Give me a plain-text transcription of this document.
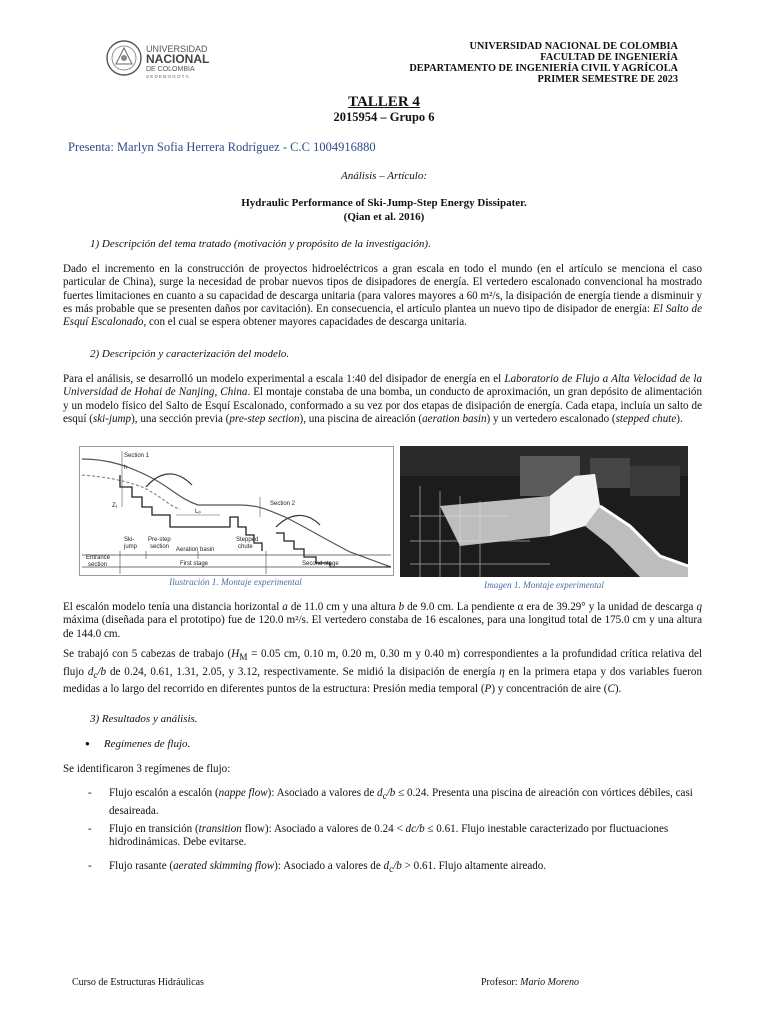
UNIVERSIDAD
NACIONAL
DE COLOMBIA
S E D E B O G O T Á
UNIVERSIDAD NACIONAL DE COLOMBIA
FACULTAD DE INGENIERÍA
DEPARTAMENTO DE INGENIERÍA CIVIL Y AGRÍCOLA
PRIMER SEMESTRE DE 2023
TALLER 4
2015954 – Grupo 6
Presenta: Marlyn Sofia Herrera Rodríguez - C.C 1004916880
Análisis – Artículo:
Hydraulic Performance of Ski-Jump-Step Energy Dissipater.
(Qian et al. 2016)
1) Descripción del tema tratado (motivación y propósito de la investigación).
Dado el incremento en la construcción de proyectos hidroeléctricos a gran escala en todo el mundo (en el artículo se menciona el caso particular de China), surge la necesidad de probar nuevos tipos de disipadores de energía. El vertedero escalonado convencional ha mostrado fuertes limitaciones en cuanto a su capacidad de descarga unitaria (para valores mayores a 60 m²/s, la disipación de energía tiende a disminuir y es más probable que se presenten daños por cavitación). En consecuencia, el artículo plantea un nuevo tipo de disipador de energía: El Salto de Esquí Escalonado, con el cual se espera obtener mayores capacidades de descarga unitaria.
2) Descripción y caracterización del modelo.
Para el análisis, se desarrolló un modelo experimental a escala 1:40 del disipador de energía en el Laboratorio de Flujo a Alta Velocidad de la Universidad de Hohai de Nanjing, China. El montaje constaba de una bomba, un conducto de aproximación, un gran depósito de alimentación y un modelo físico del Salto de Esquí Escalonado, conformado a su vez por dos etapas de disipación de energía. Cada etapa, incluía un salto de esquí (ski-jump), una sección previa (pre-step section), una piscina de aireación (aeration basin) y un vertedero escalonado (stepped chute).
Section 1
h
Z₁
Lₚ
Section 2
Aeration basin
Stepped
chute
Ski-
jump
Pre-step
section
Entrance
section	First stage	Second stage
Ilustración 1. Montaje experimental	Imagen 1. Montaje experimental
El escalón modelo tenía una distancia horizontal a de 11.0 cm y una altura b de 9.0 cm. La pendiente α era de 39.29° y la unidad de descarga q máxima (diseñada para el prototipo) fue de 120.0 m²/s. El vertedero constaba de 16 escalones, para una longitud total de 175.0 cm y una altura de 144.0 cm.
Se trabajó con 5 cabezas de trabajo ($H_M = 0.05$ cm, 0.10 m, 0.20 m, 0.30 m y 0.40 m) correspondientes a la profundidad crítica relativa del flujo $d_c/b$ de 0.24, 0.61, 1.31, 2.05, y 3.12, respectivamente. Se midió la disipación de energía η en la primera etapa y dos variables fueron medidas a lo largo del recorrido en diferentes puntos de la estructura: Presión media temporal (P) y concentración de aire (C).
3) Resultados y análisis.
● Regímenes de flujo.
Se identificaron 3 regímenes de flujo:
- Flujo escalón a escalón (nappe flow): Asociado a valores de $d_c/b \le 0.24$. Presenta una piscina de aireación con vórtices débiles, casi desaireada.
- Flujo en transición (transition flow): Asociado a valores de 0.24 < dc/b ≤ 0.61. Flujo inestable caracterizado por fluctuaciones hidrodinámicas. Debe evitarse.
- Flujo rasante (aerated skimming flow): Asociado a valores de $d_c/b > 0.61$. Flujo altamente aireado.
Curso de Estructuras Hidráulicas	Profesor: Mario Moreno
